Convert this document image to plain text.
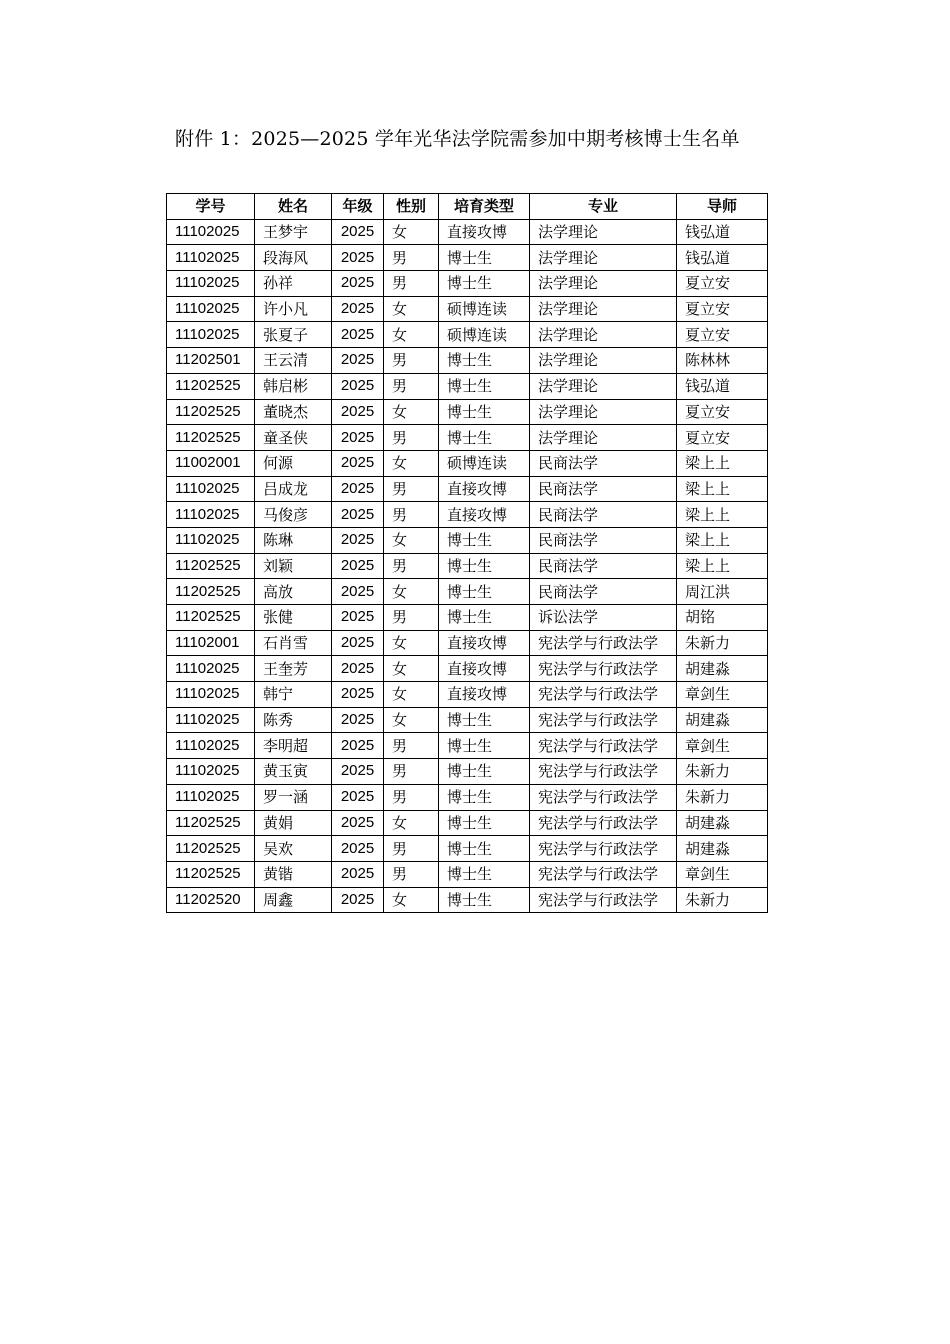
附件 1：2025—2025 学年光华法学院需参加中期考核博士生名单
学号	姓名	年级	性别	培育类型	专业	导师
11102025	王梦宇	2025	女	直接攻博	法学理论	钱弘道
11102025	段海风	2025	男	博士生	法学理论	钱弘道
11102025	孙祥	2025	男	博士生	法学理论	夏立安
11102025	许小凡	2025	女	硕博连读	法学理论	夏立安
11102025	张夏子	2025	女	硕博连读	法学理论	夏立安
11202501	王云清	2025	男	博士生	法学理论	陈林林
11202525	韩启彬	2025	男	博士生	法学理论	钱弘道
11202525	董晓杰	2025	女	博士生	法学理论	夏立安
11202525	童圣侠	2025	男	博士生	法学理论	夏立安
11002001	何源	2025	女	硕博连读	民商法学	梁上上
11102025	吕成龙	2025	男	直接攻博	民商法学	梁上上
11102025	马俊彦	2025	男	直接攻博	民商法学	梁上上
11102025	陈琳	2025	女	博士生	民商法学	梁上上
11202525	刘颖	2025	男	博士生	民商法学	梁上上
11202525	高放	2025	女	博士生	民商法学	周江洪
11202525	张健	2025	男	博士生	诉讼法学	胡铭
11102001	石肖雪	2025	女	直接攻博	宪法学与行政法学	朱新力
11102025	王奎芳	2025	女	直接攻博	宪法学与行政法学	胡建淼
11102025	韩宁	2025	女	直接攻博	宪法学与行政法学	章剑生
11102025	陈秀	2025	女	博士生	宪法学与行政法学	胡建淼
11102025	李明超	2025	男	博士生	宪法学与行政法学	章剑生
11102025	黄玉寅	2025	男	博士生	宪法学与行政法学	朱新力
11102025	罗一涵	2025	男	博士生	宪法学与行政法学	朱新力
11202525	黄娟	2025	女	博士生	宪法学与行政法学	胡建淼
11202525	吴欢	2025	男	博士生	宪法学与行政法学	胡建淼
11202525	黄锴	2025	男	博士生	宪法学与行政法学	章剑生
11202520	周鑫	2025	女	博士生	宪法学与行政法学	朱新力
